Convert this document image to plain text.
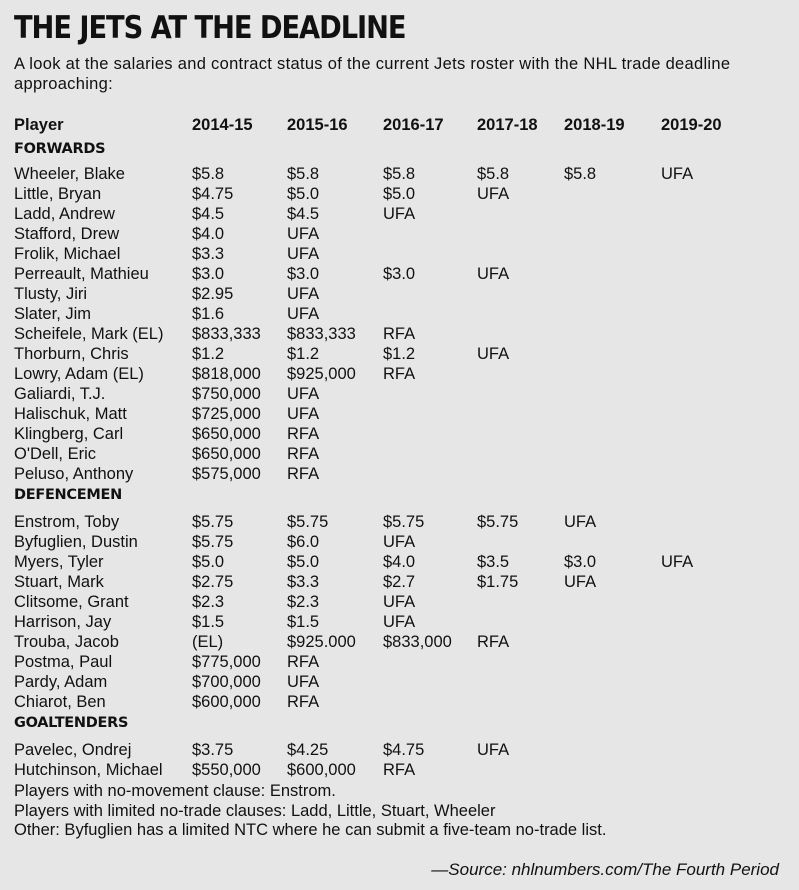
THE JETS AT THE DEADLINE

A look at the salaries and contract status of the current Jets roster with the NHL trade deadline approaching:

Player	2014-15 2015-16 2016-17 2017-18 2018-19 2019-20
FORWARDS
Wheeler, Blake	$5.8	$5.8	$5.8	$5.8	$5.8	UFA
Little, Bryan	$4.75	$5.0	$5.0	UFA
Ladd, Andrew	$4.5	$4.5	UFA
Stafford, Drew	$4.0	UFA
Frolik, Michael	$3.3	UFA
Perreault, Mathieu	$3.0	$3.0	$3.0	UFA
Tlusty, Jiri	$2.95	UFA
Slater, Jim	$1.6	UFA
Scheifele, Mark (EL) $833,333 $833,333 RFA
Thorburn, Chris	$1.2	$1.2	$1.2	UFA
Lowry, Adam (EL)	$818,000 $925,000 RFA
Galiardi, T.J.	$750,000 UFA
Halischuk, Matt	$725,000 UFA
Klingberg, Carl	$650,000 RFA
O'Dell, Eric	$650,000 RFA
Peluso, Anthony	$575,000 RFA
DEFENCEMEN
Enstrom, Toby	$5.75	$5.75	$5.75	$5.75	UFA
Byfuglien, Dustin	$5.75	$6.0	UFA
Myers, Tyler	$5.0	$5.0	$4.0	$3.5	$3.0	UFA
Stuart, Mark	$2.75	$3.3	$2.7	$1.75	UFA
Clitsome, Grant	$2.3	$2.3	UFA
Harrison, Jay	$1.5	$1.5	UFA
Trouba, Jacob	(EL)	$925.000 $833,000 RFA
Postma, Paul	$775,000 RFA
Pardy, Adam	$700,000 UFA
Chiarot, Ben	$600,000 RFA
GOALTENDERS
Pavelec, Ondrej	$3.75	$4.25	$4.75	UFA
Hutchinson, Michael $550,000 $600,000 RFA
Players with no-movement clause: Enstrom.
Players with limited no-trade clauses: Ladd, Little, Stuart, Wheeler
Other: Byfuglien has a limited NTC where he can submit a five-team no-trade list.
—Source: nhlnumbers.com/The Fourth Period
